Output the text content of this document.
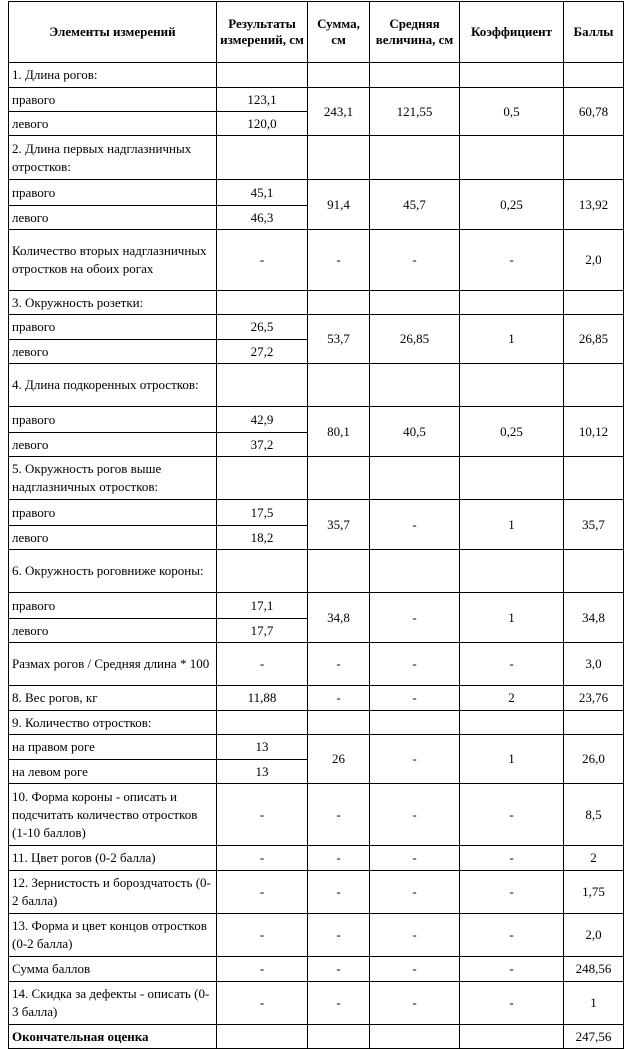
Элементы измерений	Результаты измерений, см	Сумма, см	Средняя величина, см	Коэффициент	Баллы
1. Длина рогов:					
правого	123,1	243,1	121,55	0,5	60,78
левого	120,0				
2. Длина первых надглазничных отростков:					
правого	45,1	91,4	45,7	0,25	13,92
левого	46,3				
Количество вторых надглазничных отростков на обоих рогах	-	-	-	-	2,0
3. Окружность розетки:					
правого	26,5	53,7	26,85	1	26,85
левого	27,2				
4. Длина подкоренных отростков:					
правого	42,9	80,1	40,5	0,25	10,12
левого	37,2				
5. Окружность рогов выше надглазничных отростков:					
правого	17,5	35,7	-	1	35,7
левого	18,2				
6. Окружность роговниже короны:					
правого	17,1	34,8	-	1	34,8
левого	17,7				
Размах рогов / Средняя длина * 100	-	-	-	-	3,0
8. Вес рогов, кг	11,88	-	-	2	23,76
9. Количество отростков:					
на правом роге	13	26	-	1	26,0
на левом роге	13				
10. Форма короны - описать и подсчитать количество отростков (1-10 баллов)	-	-	-	-	8,5
11. Цвет рогов (0-2 балла)	-	-	-	-	2
12. Зернистость и бороздчатость (0-2 балла)	-	-	-	-	1,75
13. Форма и цвет концов отростков (0-2 балла)	-	-	-	-	2,0
Сумма баллов	-	-	-	-	248,56
14. Скидка за дефекты - описать (0-3 балла)	-	-	-	-	1
Окончательная оценка					247,56
